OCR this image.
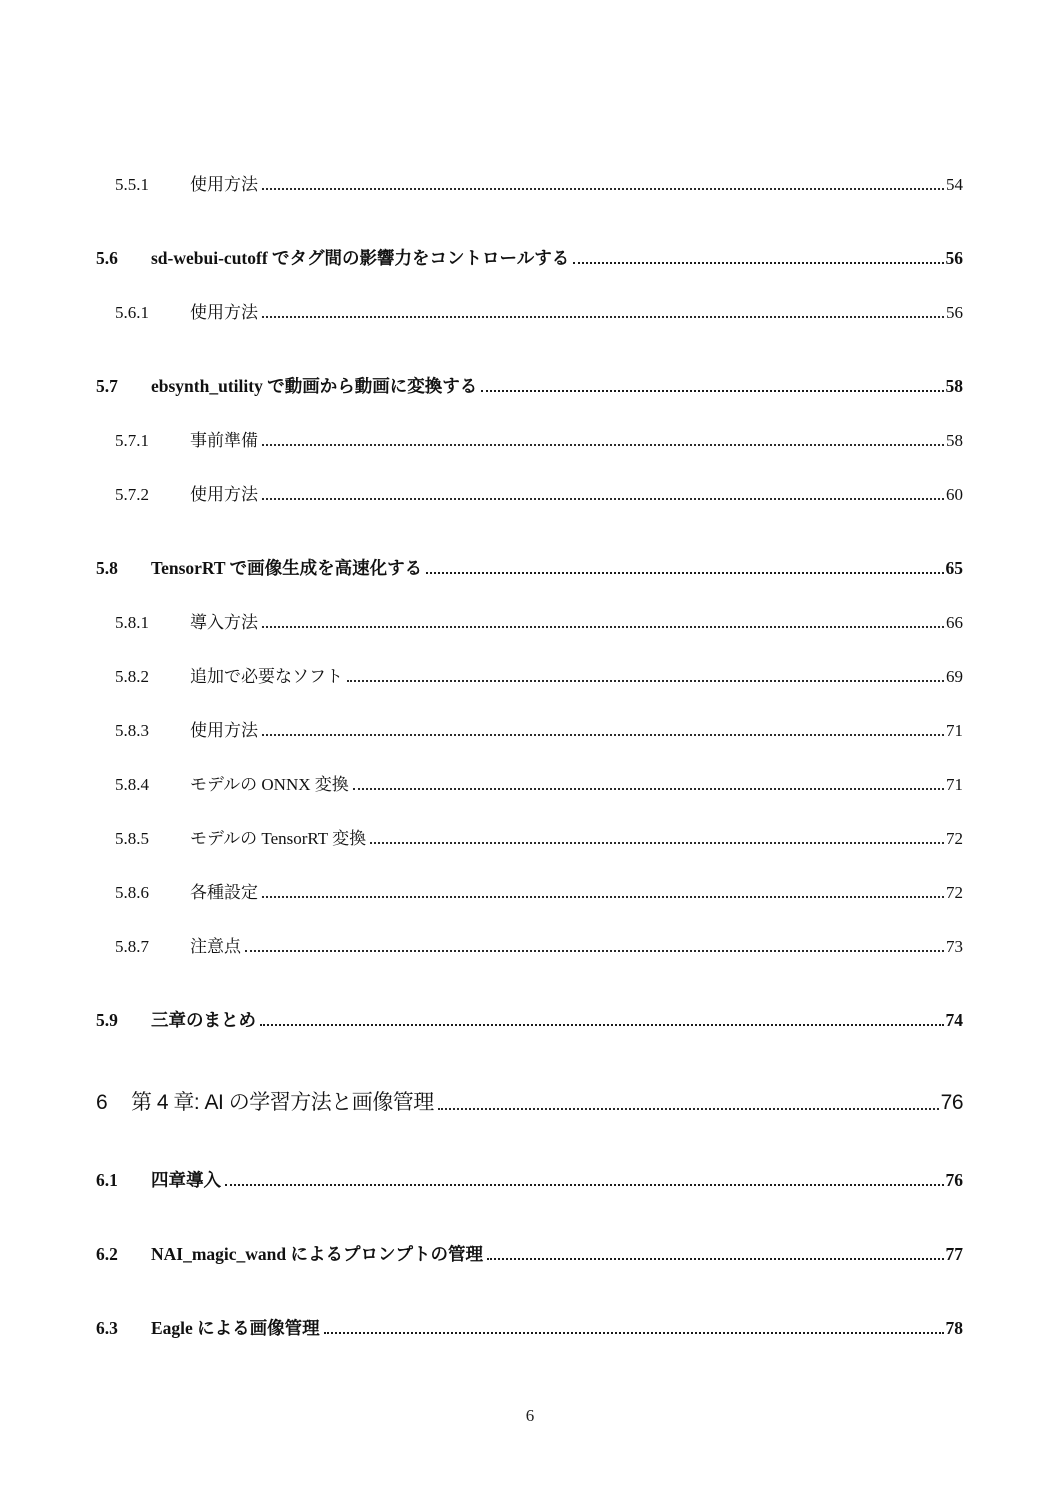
5.5.1	使用方法	54
5.6	sd-webui-cutoff でタグ間の影響力をコントロールする	56
5.6.1	使用方法	56
5.7	ebsynth_utility で動画から動画に変換する	58
5.7.1	事前準備	58
5.7.2	使用方法	60
5.8	TensorRT で画像生成を高速化する	65
5.8.1	導入方法	66
5.8.2	追加で必要なソフト	69
5.8.3	使用方法	71
5.8.4	モデルの ONNX 変換	71
5.8.5	モデルの TensorRT 変換	72
5.8.6	各種設定	72
5.8.7	注意点	73
5.9	三章のまとめ	74
6	第 4 章: AI の学習方法と画像管理	76
6.1	四章導入	76
6.2	NAI_magic_wand によるプロンプトの管理	77
6.3	Eagle による画像管理	78
6
